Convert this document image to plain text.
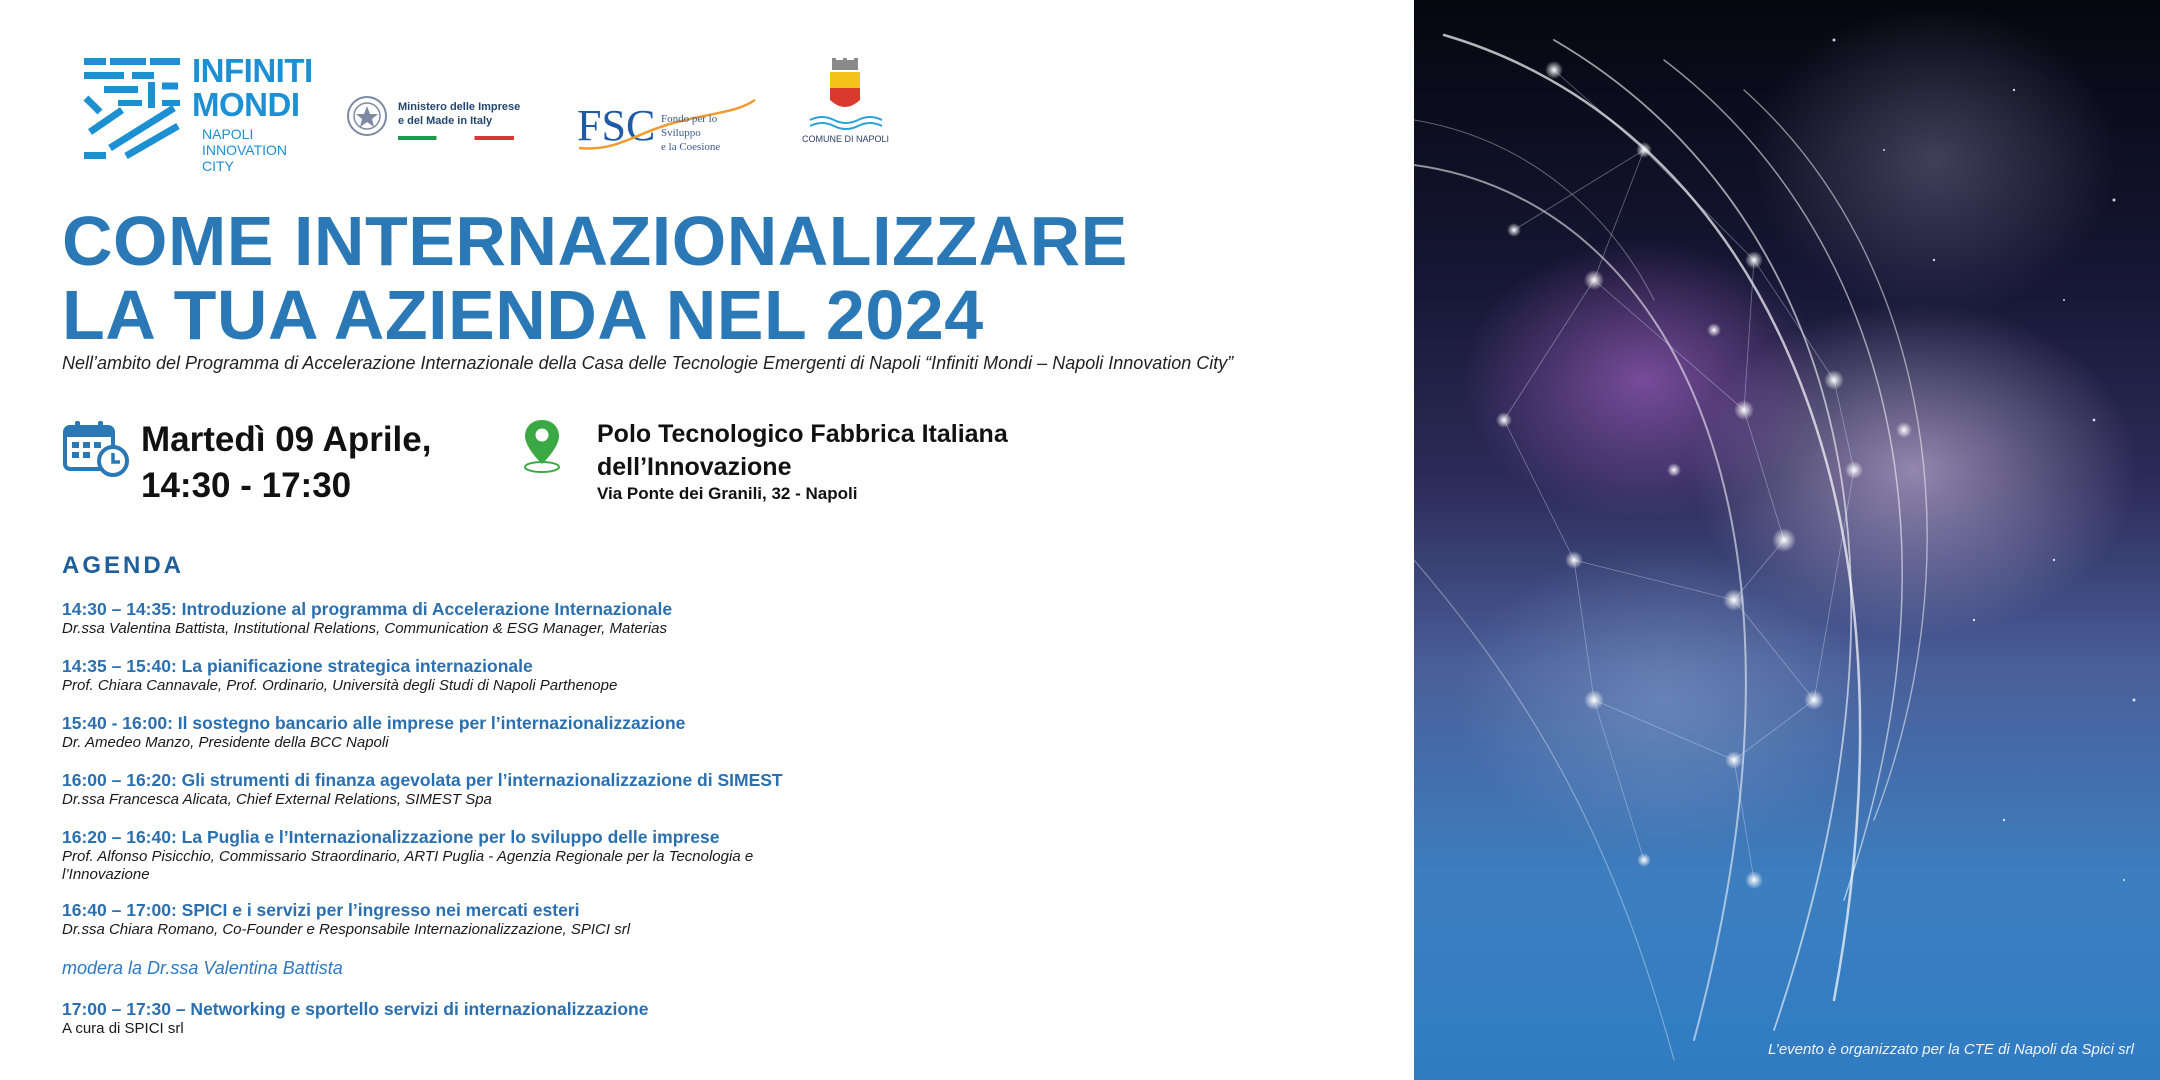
INFINITI
MONDI
NAPOLI
INNOVATION CITY
Ministero delle Imprese
e del Made in Italy	FSC Fondo per lo Sviluppo
e la Coesione
COMUNE DI NAPOLI
COME INTERNAZIONALIZZARE
LA TUA AZIENDA NEL 2024
Nell’ambito del Programma di Accelerazione Internazionale della Casa delle Tecnologie Emergenti di Napoli “Infiniti Mondi – Napoli Innovation City”
Martedì 09 Aprile,
14:30 - 17:30
Polo Tecnologico Fabbrica Italiana
dell’Innovazione
Via Ponte dei Granili, 32 - Napoli
AGENDA
14:30 – 14:35: Introduzione al programma di Accelerazione Internazionale
Dr.ssa Valentina Battista, Institutional Relations, Communication & ESG Manager, Materias
14:35 – 15:40: La pianificazione strategica internazionale
Prof. Chiara Cannavale, Prof. Ordinario, Università degli Studi di Napoli Parthenope
15:40 - 16:00: Il sostegno bancario alle imprese per l’internazionalizzazione
Dr. Amedeo Manzo, Presidente della BCC Napoli
16:00 – 16:20: Gli strumenti di finanza agevolata per l’internazionalizzazione di SIMEST
Dr.ssa Francesca Alicata, Chief External Relations, SIMEST Spa
16:20 – 16:40: La Puglia e l’Internazionalizzazione per lo sviluppo delle imprese
Prof. Alfonso Pisicchio, Commissario Straordinario, ARTI Puglia - Agenzia Regionale per la Tecnologia e l’Innovazione
16:40 – 17:00: SPICI e i servizi per l’ingresso nei mercati esteri
Dr.ssa Chiara Romano, Co-Founder e Responsabile Internazionalizzazione, SPICI srl
modera la Dr.ssa Valentina Battista
17:00 – 17:30 – Networking e sportello servizi di internazionalizzazione
A cura di SPICI srl
L’evento è organizzato per la CTE di Napoli da Spici srl
